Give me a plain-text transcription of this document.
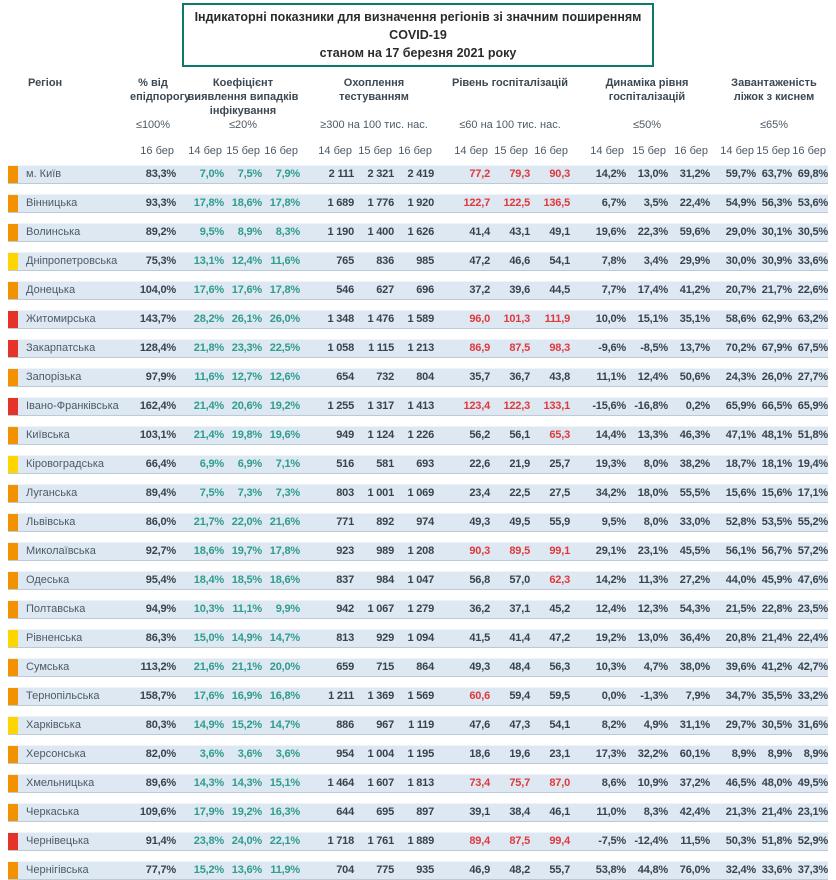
Індикаторні показники для визначення регіонів зі значним поширенням COVID-19
станом на 17 березня 2021 року
Регіон	% від епідпорогу
Коефіцієнт виявлення випадків інфікування
Охоплення тестуванням
Рівень госпіталізацій	Динаміка рівня госпіталізацій
Завантаженість ліжок з киснем
≤100%	≤20%	≥300 на 100 тис. нас.	≤60 на 100 тис. нас.	≤50%	≤65%
16 бер 14 бер 15 бер 16 бер	14 бер 15 бер 16 бер	14 бер 15 бер 16 бер	14 бер 15 бер 16 бер 14 бер 15 бер 16 бер
м. Київ	83,3%	7,0%	7,5%	7,9%	2 111	2 321	2 419	77,2	79,3	90,3	14,2%	13,0%	31,2%	59,7% 63,7% 69,8%
Вінницька	93,3%	17,8% 18,6% 17,8%	1 689	1 776	1 920	122,7	122,5	136,5	6,7%	3,5%	22,4%	54,9% 56,3% 53,6%
Волинська	89,2%	9,5%	8,9%	8,3%	1 190	1 400	1 626	41,4	43,1	49,1	19,6%	22,3%	59,6%	29,0% 30,1% 30,5%
Дніпропетровська	75,3%	13,1% 12,4% 11,6%	765	836	985	47,2	46,6	54,1	7,8%	3,4%	29,9%	30,0% 30,9% 33,6%
Донецька	104,0%	17,6% 17,6% 17,8%	546	627	696	37,2	39,6	44,5	7,7%	17,4%	41,2%	20,7% 21,7% 22,6%
Житомирська	143,7%	28,2% 26,1% 26,0%	1 348	1 476	1 589	96,0	101,3	111,9	10,0%	15,1%	35,1%	58,6% 62,9% 63,2%
Закарпатська	128,4%	21,8% 23,3% 22,5%	1 058	1 115	1 213	86,9	87,5	98,3	-9,6%	-8,5%	13,7%	70,2% 67,9% 67,5%
Запорізька	97,9%	11,6% 12,7% 12,6%	654	732	804	35,7	36,7	43,8	11,1%	12,4%	50,6%	24,3% 26,0% 27,7%
Івано-Франківська	162,4%	21,4% 20,6% 19,2%	1 255	1 317	1 413	123,4	122,3	133,1	-15,6% -16,8%	0,2%	65,9% 66,5% 65,9%
Київська	103,1%	21,4% 19,8% 19,6%	949	1 124	1 226	56,2	56,1	65,3	14,4%	13,3%	46,3%	47,1% 48,1% 51,8%
Кіровоградська	66,4%	6,9%	6,9%	7,1%	516	581	693	22,6	21,9	25,7	19,3%	8,0%	38,2%	18,7% 18,1% 19,4%
Луганська	89,4%	7,5%	7,3%	7,3%	803	1 001	1 069	23,4	22,5	27,5	34,2%	18,0%	55,5%	15,6% 15,6% 17,1%
Львівська	86,0%	21,7% 22,0% 21,6%	771	892	974	49,3	49,5	55,9	9,5%	8,0%	33,0%	52,8% 53,5% 55,2%
Миколаївська	92,7%	18,6% 19,7% 17,8%	923	989	1 208	90,3	89,5	99,1	29,1%	23,1%	45,5%	56,1% 56,7% 57,2%
Одеська	95,4%	18,4% 18,5% 18,6%	837	984	1 047	56,8	57,0	62,3	14,2%	11,3%	27,2%	44,0% 45,9% 47,6%
Полтавська	94,9%	10,3% 11,1%	9,9%	942	1 067	1 279	36,2	37,1	45,2	12,4%	12,3%	54,3%	21,5% 22,8% 23,5%
Рівненська	86,3%	15,0% 14,9% 14,7%	813	929	1 094	41,5	41,4	47,2	19,2%	13,0%	36,4%	20,8% 21,4% 22,4%
Сумська	113,2%	21,6% 21,1% 20,0%	659	715	864	49,3	48,4	56,3	10,3%	4,7%	38,0%	39,6% 41,2% 42,7%
Тернопільська	158,7%	17,6% 16,9% 16,8%	1 211	1 369	1 569	60,6	59,4	59,5	0,0%	-1,3%	7,9%	34,7% 35,5% 33,2%
Харківська	80,3%	14,9% 15,2% 14,7%	886	967	1 119	47,6	47,3	54,1	8,2%	4,9%	31,1%	29,7% 30,5% 31,6%
Херсонська	82,0%	3,6%	3,6%	3,6%	954	1 004	1 195	18,6	19,6	23,1	17,3%	32,2%	60,1%	8,9%	8,9%	8,9%
Хмельницька	89,6%	14,3% 14,3% 15,1%	1 464	1 607	1 813	73,4	75,7	87,0	8,6%	10,9%	37,2%	46,5% 48,0% 49,5%
Черкаська	109,6%	17,9% 19,2% 16,3%	644	695	897	39,1	38,4	46,1	11,0%	8,3%	42,4%	21,3% 21,4% 23,1%
Чернівецька	91,4%	23,8% 24,0% 22,1%	1 718	1 761	1 889	89,4	87,5	99,4	-7,5% -12,4%	11,5%	50,3% 51,8% 52,9%
Чернігівська	77,7%	15,2% 13,6% 11,9%	704	775	935	46,9	48,2	55,7	53,8%	44,8%	76,0%	32,4% 33,6% 37,3%
